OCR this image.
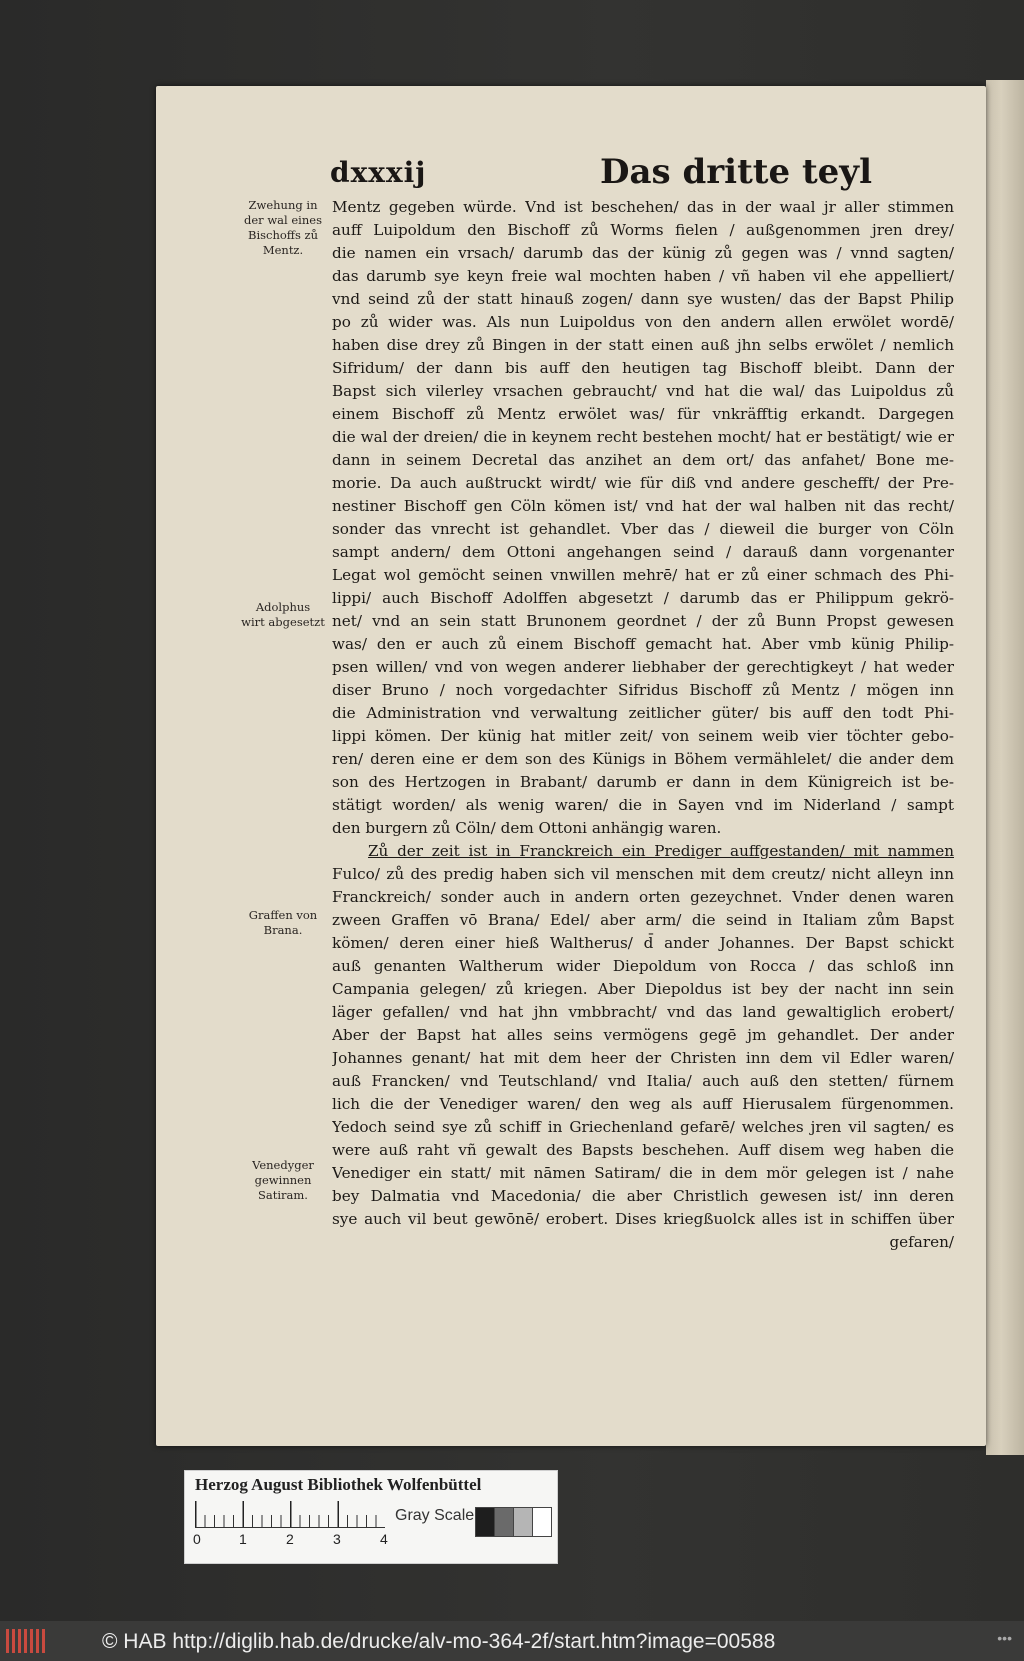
dxxxij	Das dritte teyl
Zwehung in
der wal eines
Bischoffs zů
Mentz.
Adolphus
wirt abgesetzt
Graffen von
Brana.
Venedyger
gewinnen
Satiram.
Mentz gegeben würde. Vnd ist beschehen/ das in der waal jr aller stimmen
auff Luipoldum den Bischoff zů Worms fielen / außgenommen jren drey/
die namen ein vrsach/ darumb das der künig zů gegen was / vnnd sagten/
das darumb sye keyn freie wal mochten haben / vñ haben vil ehe appelliert/
vnd seind zů der statt hinauß zogen/ dann sye wusten/ das der Bapst Philip
po zů wider was. Als nun Luipoldus von den andern allen erwölet wordē/
haben dise drey zů Bingen in der statt einen auß jhn selbs erwölet / nemlich
Sifridum/ der dann bis auff den heutigen tag Bischoff bleibt. Dann der
Bapst sich vilerley vrsachen gebraucht/ vnd hat die wal/ das Luipoldus zů
einem Bischoff zů Mentz erwölet was/ für vnkräfftig erkandt. Dargegen
die wal der dreien/ die in keynem recht bestehen mocht/ hat er bestätigt/ wie er
dann in seinem Decretal das anzihet an dem ort/ das anfahet/ Bone me-
morie. Da auch außtruckt wirdt/ wie für diß vnd andere geschefft/ der Pre-
nestiner Bischoff gen Cöln kömen ist/ vnd hat der wal halben nit das recht/
sonder das vnrecht ist gehandlet. Vber das / dieweil die burger von Cöln
sampt andern/ dem Ottoni angehangen seind / darauß dann vorgenanter
Legat wol gemöcht seinen vnwillen mehrē/ hat er zů einer schmach des Phi-
lippi/ auch Bischoff Adolffen abgesetzt / darumb das er Philippum gekrö-
net/ vnd an sein statt Brunonem geordnet / der zů Bunn Propst gewesen
was/ den er auch zů einem Bischoff gemacht hat. Aber vmb künig Philip-
psen willen/ vnd von wegen anderer liebhaber der gerechtigkeyt / hat weder
diser Bruno / noch vorgedachter Sifridus Bischoff zů Mentz / mögen inn
die Administration vnd verwaltung zeitlicher güter/ bis auff den todt Phi-
lippi kömen. Der künig hat mitler zeit/ von seinem weib vier töchter gebo-
ren/ deren eine er dem son des Künigs in Böhem vermählelet/ die ander dem
son des Hertzogen in Brabant/ darumb er dann in dem Künigreich ist be-
stätigt worden/ als wenig waren/ die in Sayen vnd im Niderland / sampt
den burgern zů Cöln/ dem Ottoni anhängig waren.
Zů der zeit ist in Franckreich ein Prediger auffgestanden/ mit nammen
Fulco/ zů des predig haben sich vil menschen mit dem creutz/ nicht alleyn inn
Franckreich/ sonder auch in andern orten gezeychnet. Vnder denen waren
zween Graffen vō Brana/ Edel/ aber arm/ die seind in Italiam zům Bapst
kömen/ deren einer hieß Waltherus/ d̄ ander Johannes. Der Bapst schickt
auß genanten Waltherum wider Diepoldum von Rocca / das schloß inn
Campania gelegen/ zů kriegen. Aber Diepoldus ist bey der nacht inn sein
läger gefallen/ vnd hat jhn vmbbracht/ vnd das land gewaltiglich erobert/
Aber der Bapst hat alles seins vermögens gegē jm gehandlet. Der ander
Johannes genant/ hat mit dem heer der Christen inn dem vil Edler waren/
auß Francken/ vnd Teutschland/ vnd Italia/ auch auß den stetten/ fürnem
lich die der Venediger waren/ den weg als auff Hierusalem fürgenommen.
Yedoch seind sye zů schiff in Griechenland gefarē/ welches jren vil sagten/ es
were auß raht vñ gewalt des Bapsts beschehen. Auff disem weg haben die
Venediger ein statt/ mit nāmen Satiram/ die in dem mör gelegen ist / nahe
bey Dalmatia vnd Macedonia/ die aber Christlich gewesen ist/ inn deren
sye auch vil beut gewōnē/ erobert. Dises kriegßuolck alles ist in schiffen über
gefaren/
Herzog August Bibliothek Wolfenbüttel
0	1	2	3	4
Gray Scale
© HAB http://diglib.hab.de/drucke/alv-mo-364-2f/start.htm?image=00588	•••
